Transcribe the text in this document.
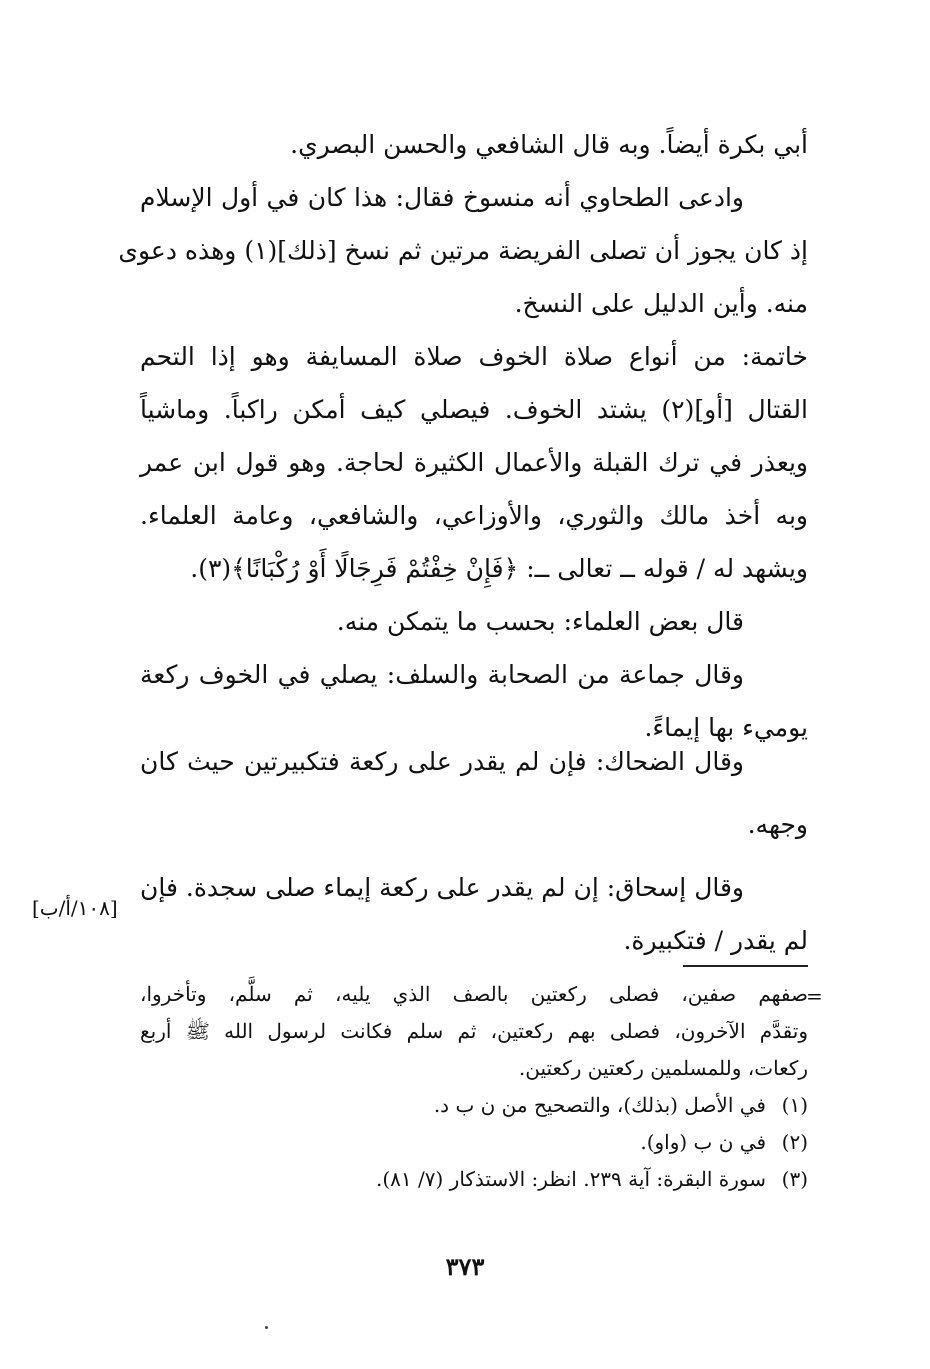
أبي بكرة أيضاً. وبه قال الشافعي والحسن البصري.
وادعى الطحاوي أنه منسوخ فقال: هذا كان في أول الإسلام
إذ كان يجوز أن تصلى الفريضة مرتين ثم نسخ [ذلك](١) وهذه دعوى
منه. وأين الدليل على النسخ.
خاتمة: من أنواع صلاة الخوف صلاة المسايفة وهو إذا التحم
القتال [أو](٢) يشتد الخوف. فيصلي كيف أمكن راكباً. وماشياً
ويعذر في ترك القبلة والأعمال الكثيرة لحاجة. وهو قول ابن عمر
وبه أخذ مالك والثوري، والأوزاعي، والشافعي، وعامة العلماء.
ويشهد له / قوله ــ تعالى ــ: ﴿فَإِنْ خِفْتُمْ فَرِجَالًا أَوْ رُكْبَانًا﴾(٣).
قال بعض العلماء: بحسب ما يتمكن منه.
وقال جماعة من الصحابة والسلف: يصلي في الخوف ركعة
يوميء بها إيماءً.
وقال الضحاك: فإن لم يقدر على ركعة فتكبيرتين حيث كان
وجهه.
وقال إسحاق: إن لم يقدر على ركعة إيماء صلى سجدة. فإن
لم يقدر / فتكبيرة.
[١٠٨/أ/ب]
=
صفهم صفين، فصلى ركعتين بالصف الذي يليه، ثم سلَّم، وتأخروا،
وتقدَّم الآخرون، فصلى بهم ركعتين، ثم سلم فكانت لرسول الله ﷺ أربع
ركعات، وللمسلمين ركعتين ركعتين.
(١)في الأصل (بذلك)، والتصحيح من ن ب د.
(٢)في ن ب (واو).
(٣)سورة البقرة: آية ٢٣٩. انظر: الاستذكار (٧/ ٨١).
٣٧٣
